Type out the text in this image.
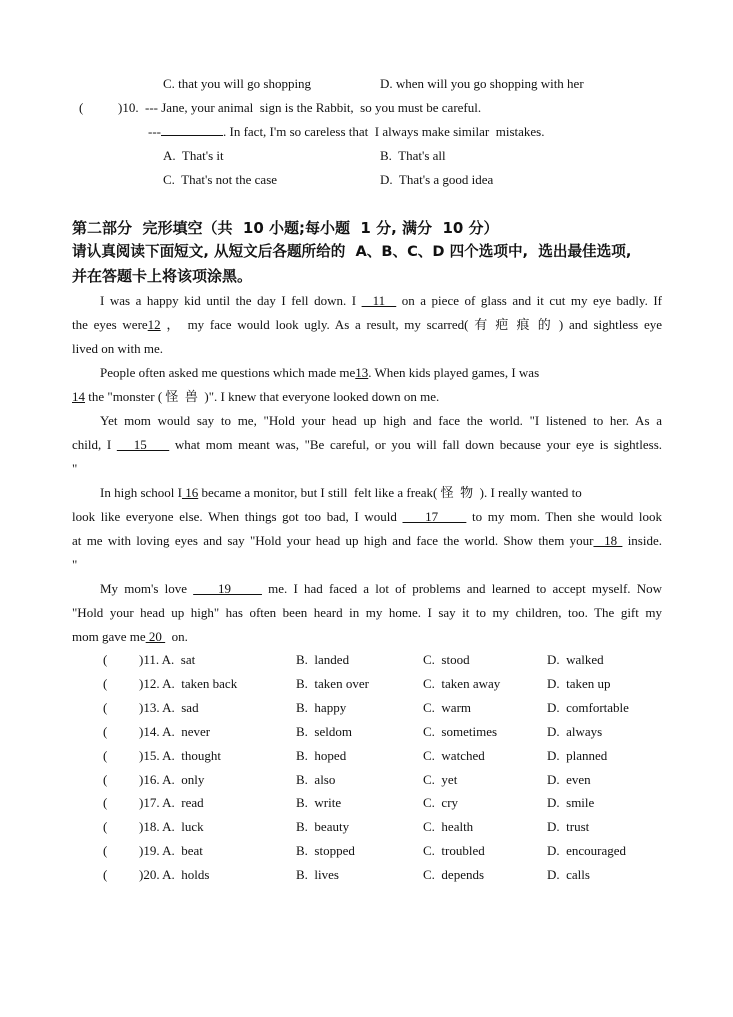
C. that you will go shopping	D. when will you go shopping with her
(	)10. --- Jane, your animal  sign is the Rabbit,  so you must be careful.
---	. In fact, I'm so careless that  I always make similar  mistakes.
A.  That's it	B.  That's all
C.  That's not the case	D.  That's a good idea
第二部分  完形填空（共  10 小题;每小题  1 分, 满分  10 分）
请认真阅读下面短文, 从短文后各题所给的  A、B、C、D 四个选项中,  选出最佳选项,
并在答题卡上将该项涂黑。
I was a happy kid until the day I fell down. I   11   on a piece of glass and it cut my eye badly. If
the eyes were12 ， my face would look ugly. As a result, my scarred( 有 疤 痕 的 ) and sightless eye
lived on with me.
People often asked me questions which made me13. When kids played games, I was
14 the "monster ( 怪  兽  )". I knew that everyone looked down on me.
Yet mom would say to me, "Hold your head up high and face the world. "I listened to her. As a
child, I    15     what mom meant was, "Be careful, or you will fall down because your eye is sightless.
"
In high school I 16 became a monitor, but I still  felt like a freak( 怪  物  ). I really wanted to
look like everyone else. When things got too bad, I would     17      to my mom. Then she would look
at me with loving eyes and say "Hold your head up high and face the world. Show them your  18  inside.
"
My mom's love     19      me. I had faced a lot of problems and learned to accept myself. Now
"Hold your head up high" has often been heard in my home. I say it to my children, too. The gift my
mom gave me 20   on.
( )11. A.  sat	B.  landed	C.  stood	D.  walked
( )12. A.  taken back	B.  taken over	C.  taken away	D.  taken up
( )13. A.  sad	B.  happy	C.  warm	D.  comfortable
( )14. A.  never	B.  seldom	C.  sometimes	D.  always
( )15. A.  thought	B.  hoped	C.  watched	D.  planned
( )16. A.  only	B.  also	C.  yet	D.  even
( )17. A.  read	B.  write	C.  cry	D.  smile
( )18. A.  luck	B.  beauty	C.  health	D.  trust
( )19. A.  beat	B.  stopped	C.  troubled	D.  encouraged
( )20. A.  holds	B.  lives	C.  depends	D.  calls
